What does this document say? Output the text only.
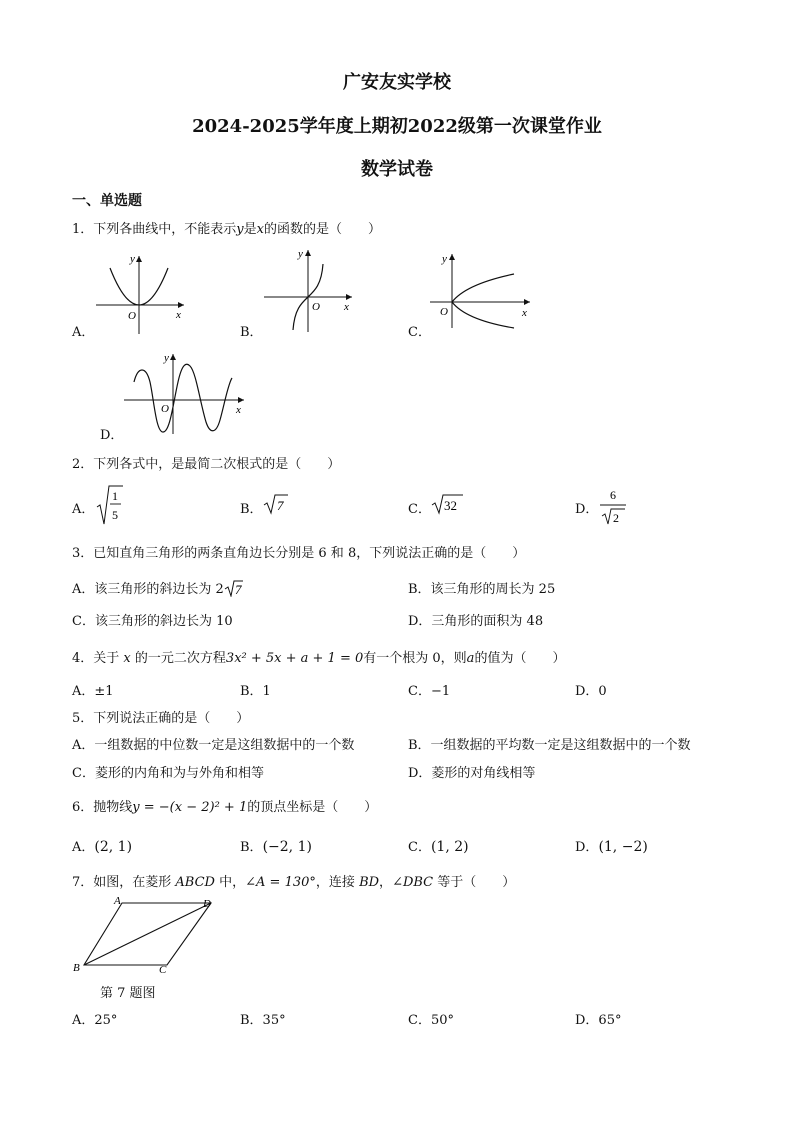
广安友实学校
2024-2025学年度上期初2022级第一次课堂作业
数学试卷
一、单选题
1．下列各曲线中，不能表示y是x的函数的是（　　）
A．
O	x
y
B．
O x
y
C．
O	x
y
D．
O	x
y
2．下列各式中，是最简二次根式的是（　　）
A．
1
5	B． 7	C． 32	D．
6
2
3．已知直角三角形的两条直角边长分别是 6 和 8，下列说法正确的是（　　）
A．该三角形的斜边长为 2 7	B．该三角形的周长为 25
C．该三角形的斜边长为 10	D．三角形的面积为 48
4．关于 x 的一元二次方程3x² + 5x + a + 1 = 0有一个根为 0，则a的值为（　　）
A．±1	B．1	C．−1	D．0
5．下列说法正确的是（　　）
A．一组数据的中位数一定是这组数据中的一个数	B．一组数据的平均数一定是这组数据中的一个数
C．菱形的内角和为与外角和相等	D．菱形的对角线相等
6．抛物线y = −(x − 2)² + 1的顶点坐标是（　　）
A．(2, 1)	B．(−2, 1)	C．(1, 2)	D．(1, −2)
7．如图，在菱形 ABCD 中，∠A = 130°，连接 BD，∠DBC 等于（　　）
A
B	C
D
第 7 题图
A．25°	B．35°	C．50°	D．65°
